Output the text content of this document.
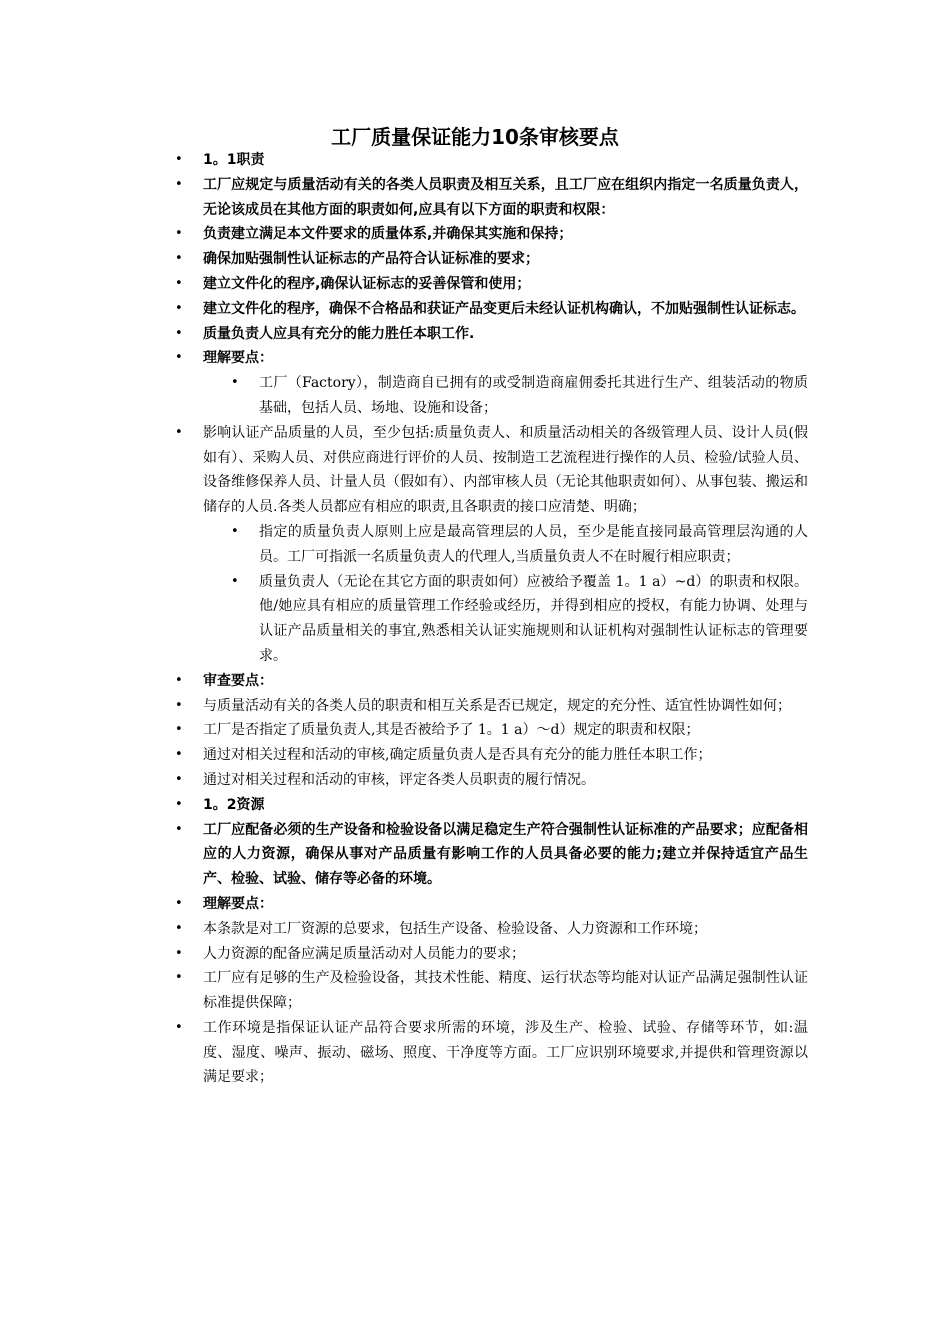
工厂质量保证能力10条审核要点
• 1。1职责
• 工厂应规定与质量活动有关的各类人员职责及相互关系，且工厂应在组织内指定一名质量负责人，无论该成员在其他方面的职责如何,应具有以下方面的职责和权限：
• 负责建立满足本文件要求的质量体系,并确保其实施和保持；
• 确保加贴强制性认证标志的产品符合认证标准的要求；
• 建立文件化的程序,确保认证标志的妥善保管和使用；
• 建立文件化的程序，确保不合格品和获证产品变更后未经认证机构确认，不加贴强制性认证标志。
• 质量负责人应具有充分的能力胜任本职工作.
• 理解要点：
• 工厂（Factory），制造商自已拥有的或受制造商雇佣委托其进行生产、组装活动的物质基础，包括人员、场地、设施和设备；
• 影响认证产品质量的人员，至少包括:质量负责人、和质量活动相关的各级管理人员、设计人员(假如有）、采购人员、对供应商进行评价的人员、按制造工艺流程进行操作的人员、检验/试验人员、设备维修保养人员、计量人员（假如有）、内部审核人员（无论其他职责如何）、从事包装、搬运和储存的人员.各类人员都应有相应的职责,且各职责的接口应清楚、明确；
• 指定的质量负责人原则上应是最高管理层的人员，至少是能直接同最高管理层沟通的人员。工厂可指派一名质量负责人的代理人,当质量负责人不在时履行相应职责；
• 质量负责人（无论在其它方面的职责如何）应被给予覆盖 1。1 a）~d）的职责和权限。他/她应具有相应的质量管理工作经验或经历，并得到相应的授权，有能力协调、处理与认证产品质量相关的事宜,熟悉相关认证实施规则和认证机构对强制性认证标志的管理要求。
• 审查要点：
• 与质量活动有关的各类人员的职责和相互关系是否已规定，规定的充分性、适宜性协调性如何；
• 工厂是否指定了质量负责人,其是否被给予了 1。1 a）～d）规定的职责和权限；
• 通过对相关过程和活动的审核,确定质量负责人是否具有充分的能力胜任本职工作；
• 通过对相关过程和活动的审核，评定各类人员职责的履行情况。
• 1。2资源
• 工厂应配备必须的生产设备和检验设备以满足稳定生产符合强制性认证标准的产品要求；应配备相应的人力资源，确保从事对产品质量有影响工作的人员具备必要的能力;建立并保持适宜产品生产、检验、试验、储存等必备的环境。
• 理解要点：
• 本条款是对工厂资源的总要求，包括生产设备、检验设备、人力资源和工作环境；
• 人力资源的配备应满足质量活动对人员能力的要求；
• 工厂应有足够的生产及检验设备，其技术性能、精度、运行状态等均能对认证产品满足强制性认证标准提供保障；
• 工作环境是指保证认证产品符合要求所需的环境，涉及生产、检验、试验、存储等环节，如:温度、湿度、噪声、振动、磁场、照度、干净度等方面。工厂应识别环境要求,并提供和管理资源以满足要求；
